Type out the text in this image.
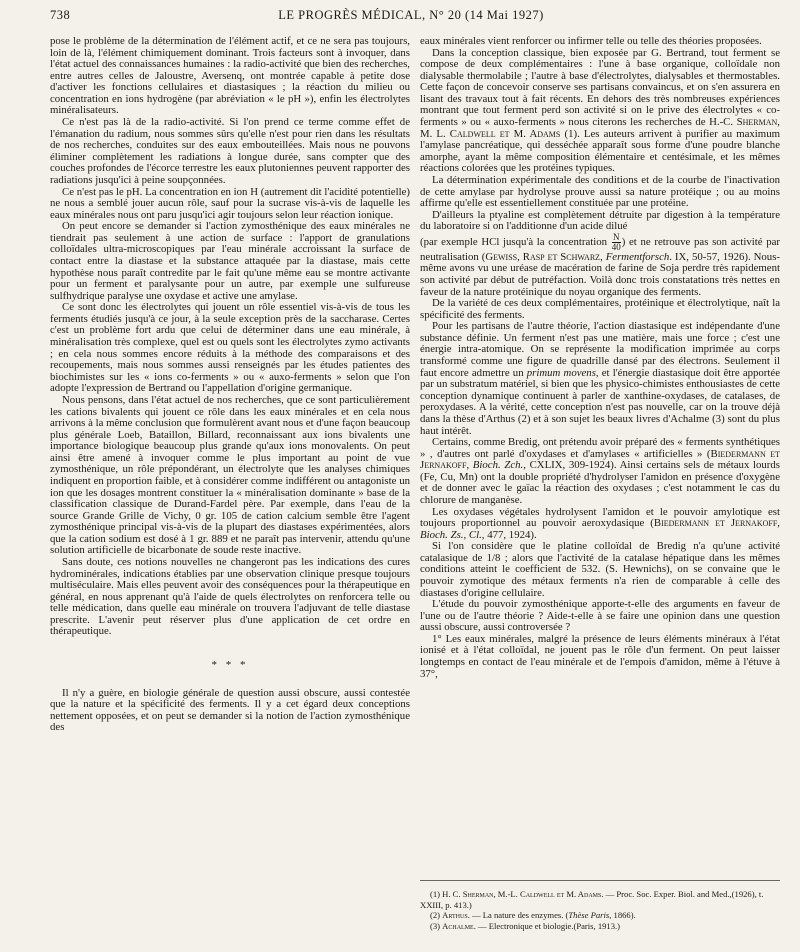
738	LE PROGRÈS MÉDICAL, N° 20 (14 Mai 1927)

pose le problème de la détermination de l'élément actif, et ce ne sera pas toujours, loin de là, l'élément chimiquement dominant. Trois facteurs sont à invoquer, dans l'état actuel des connaissances humaines : la radio-activité que bien des recherches, entre autres celles de Jaloustre, Aversenq, ont montrée capable à petite dose d'activer les fonctions cellulaires et diastasiques ; la réaction du milieu ou concentration en ions hydrogène (par abréviation « le pH »), enfin les électrolytes minéralisateurs.

Ce n'est pas là de la radio-activité. Si l'on prend ce terme comme effet de l'émanation du radium, nous sommes sûrs qu'elle n'est pour rien dans les résultats de nos recherches, conduites sur des eaux embouteillées. Mais nous ne pouvons éliminer complètement les radiations à longue durée, sans compter que des couches profondes de l'écorce terrestre les eaux plutoniennes peuvent rapporter des radiations jusqu'ici à peine soupçonnées.

Ce n'est pas le pH. La concentration en ion H (autrement dit l'acidité potentielle) ne nous a semblé jouer aucun rôle, sauf pour la sucrase vis-à-vis de laquelle les eaux minérales nous ont paru jusqu'ici agir toujours selon leur réaction ionique.

On peut encore se demander si l'action zymosthénique des eaux minérales ne tiendrait pas seulement à une action de surface : l'apport de granulations colloïdales ultra-microscopiques par l'eau minérale accroissant la surface de contact entre la diastase et la substance attaquée par la diastase, mais cette hypothèse nous paraît contredite par le fait qu'une même eau se montre activante pour un ferment et paralysante pour un autre, par exemple une sulfureuse sulfhydrique paralyse une oxydase et active une amylase.

Ce sont donc les électrolytes qui jouent un rôle essentiel vis-à-vis de tous les ferments étudiés jusqu'à ce jour, à la seule exception près de la saccharase. Certes c'est un problème fort ardu que celui de déterminer dans une eau minérale, à minéralisation très complexe, quel est ou quels sont les électrolytes zymo activants ; en cela nous sommes encore réduits à la méthode des comparaisons et des recoupements, mais nous sommes aussi renseignés par les études patientes des biochimistes sur les « ions co-ferments » ou « auxo-ferments » selon que l'on adopte l'expression de Bertrand ou l'appellation d'origine germanique.

Nous pensons, dans l'état actuel de nos recherches, que ce sont particulièrement les cations bivalents qui jouent ce rôle dans les eaux minérales et en cela nous arrivons à la même conclusion que formulèrent avant nous et d'une façon beaucoup plus générale Loeb, Bataillon, Billard, reconnaissant aux ions bivalents une importance biologique beaucoup plus grande qu'aux ions monovalents. On peut ainsi être amené à invoquer comme le plus important au point de vue zymosthénique, un rôle prépondérant, un électrolyte que les analyses chimiques indiquent en proportion faible, et à considérer comme indifférent ou antagoniste un ion que les dosages montrent constituer la « minéralisation dominante » base de la classification classique de Durand-Fardel père. Par exemple, dans l'eau de la source Grande Grille de Vichy, 0 gr. 105 de cation calcium semble être l'agent zymosthénique principal vis-à-vis de la plupart des diastases expérimentées, alors que la cation sodium est dosé à 1 gr. 889 et ne paraît pas intervenir, attendu qu'une solution artificielle de bicarbonate de soude reste inactive.

Sans doute, ces notions nouvelles ne changeront pas les indications des cures hydrominérales, indications établies par une observation clinique presque toujours multiséculaire. Mais elles peuvent avoir des conséquences pour la thérapeutique en général, en nous apprenant qu'à l'aide de quels électrolytes on renforcera telle ou telle médication, dans quelle eau minérale on trouvera l'adjuvant de telle diastase prescrite. L'avenir peut réserver plus d'une application de cet ordre en thérapeutique.

* * *

Il n'y a guère, en biologie générale de question aussi obscure, aussi contestée que la nature et la spécificité des ferments. Il y a cet égard deux conceptions nettement opposées, et on peut se demander si la notion de l'action zymosthénique des

eaux minérales vient renforcer ou infirmer telle ou telle des théories proposées.

Dans la conception classique, bien exposée par G. Bertrand, tout ferment se compose de deux complémentaires : l'une à base organique, colloïdale non dialysable thermolabile ; l'autre à base d'électrolytes, dialysables et thermostables. Cette façon de concevoir conserve ses partisans convaincus, et on s'en assurera en lisant des travaux tout à fait récents. En dehors des très nombreuses expériences montrant que tout ferment perd son activité si on le prive des électrolytes « co-ferments » ou « auxo-ferments » nous citerons les recherches de H.-C. Sherman, M. L. Caldwell et M. Adams (1). Les auteurs arrivent à purifier au maximum l'amylase pancréatique, qui desséchée apparaît sous forme d'une poudre blanche amorphe, ayant la même composition élémentaire et centésimale, et les mêmes réactions colorées que les protéines typiques.

La détermination expérimentale des conditions et de la courbe de l'inactivation de cette amylase par hydrolyse prouve aussi sa nature protéique ; ou au moins affirme qu'elle est essentiellement constituée par une protéine.

D'ailleurs la ptyaline est complètement détruite par digestion à la température du laboratoire si on l'additionne d'un acide dilué

(par exemple HCl jusqu'à la concentration $\frac{N}{40}$ ) et ne retrouve pas son activité par neutralisation (Gewiss, Rasp et Schwarz, Fermentforsch. IX, 50-57, 1926). Nous-même avons vu une uréase de macération de farine de Soja perdre très rapidement son activité par début de putréfaction. Voilà donc trois constatations très nettes en faveur de la nature protéinique du noyau organique des ferments.

De la variété de ces deux complémentaires, protéinique et électrolytique, naît la spécificité des ferments.

Pour les partisans de l'autre théorie, l'action diastasique est indépendante d'une substance définie. Un ferment n'est pas une matière, mais une force ; c'est une énergie intra-atomique. On se représente la modification imprimée au corps transformé comme une figure de quadrille dansé par des électrons. Seulement il faut encore admettre un primum movens, et l'énergie diastasique doit être apportée par un substratum matériel, si bien que les physico-chimistes enthousiastes de cette conception dynamique continuent à parler de xanthine-oxydases, de catalases, de peroxydases. A la vérité, cette conception n'est pas nouvelle, car on la trouve déjà dans la thèse d'Arthus (2) et à son sujet les beaux livres d'Achalme (3) sont du plus haut intérêt.

Certains, comme Bredig, ont prétendu avoir préparé des « ferments synthétiques » , d'autres ont parlé d'oxydases et d'amylases « artificielles » (Biedermann et Jernakoff, Bioch. Zch., CXLIX, 309-1924). Ainsi certains sels de métaux lourds (Fe, Cu, Mn) ont la double propriété d'hydrolyser l'amidon en présence d'oxygène et de donner avec le gaïac la réaction des oxydases ; c'est notamment le cas du chlorure de manganèse.

Les oxydases végétales hydrolysent l'amidon et le pouvoir amylotique est toujours proportionnel au pouvoir aeroxydasique (Biedermann et Jernakoff, Bioch. Zs., Cl., 477, 1924).

Si l'on considère que le platine colloïdal de Bredig n'a qu'une activité catalasique de 1/8 ; alors que l'activité de la catalase hépatique dans les mêmes conditions atteint le coefficient de 532. (S. Hewnichs), on se convaine que le pouvoir zymotique des métaux ferments n'a rien de comparable à celle des diastases d'origine cellulaire.

L'étude du pouvoir zymosthénique apporte-t-elle des arguments en faveur de l'une ou de l'autre théorie ? Aide-t-elle à se faire une opinion dans une question aussi obscure, aussi controversée ?

1° Les eaux minérales, malgré la présence de leurs éléments minéraux à l'état ionisé et à l'état colloïdal, ne jouent pas le rôle d'un ferment. On peut laisser longtemps en contact de l'eau minérale et de l'empois d'amidon, même à l'étuve à 37°,

(1) H. C. Sherman, M.-L. Caldwell et M. Adams. — Proc. Soc. Exper. Biol. and Med.,(1926), t. XXIII, p. 413.)

(2) Arthus. — La nature des enzymes. (Thèse Paris, 1866).

(3) Achalme. — Electronique et biologie.(Paris, 1913.)
